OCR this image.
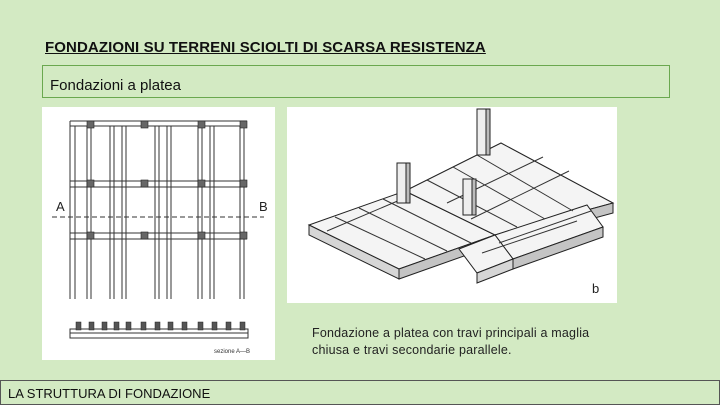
FONDAZIONI SU TERRENI SCIOLTI DI SCARSA RESISTENZA
Fondazioni a platea
A	B
sezione A—B
b
Fondazione a platea con travi principali a maglia chiusa e travi secondarie parallele.
LA STRUTTURA DI FONDAZIONE
